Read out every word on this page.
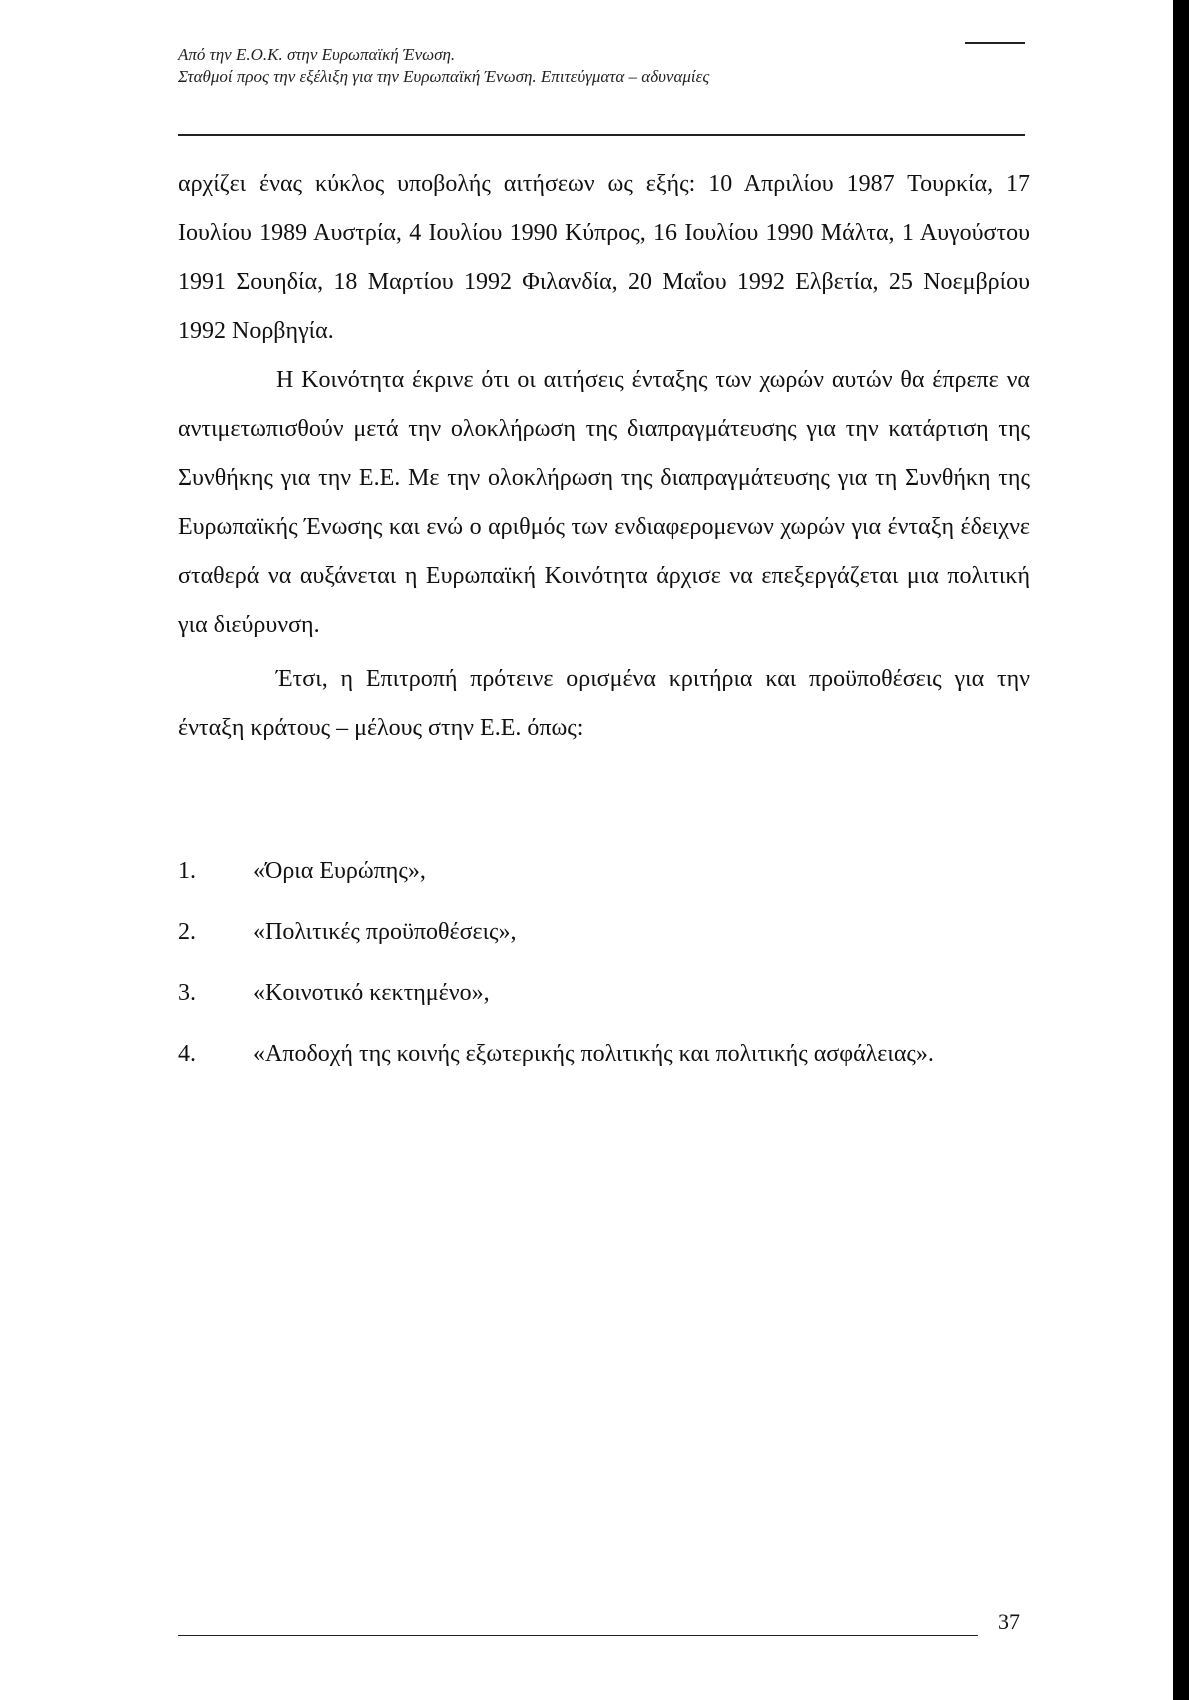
Από την Ε.Ο.Κ. στην Ευρωπαϊκή Ένωση.
Σταθμοί προς την εξέλιξη για την Ευρωπαϊκή Ένωση. Επιτεύγματα – αδυναμίες

αρχίζει ένας κύκλος υποβολής αιτήσεων ως εξής: 10 Απριλίου 1987 Τουρκία, 17 Ιουλίου 1989 Αυστρία, 4 Ιουλίου 1990 Κύπρος, 16 Ιουλίου 1990 Μάλτα, 1 Αυγούστου 1991 Σουηδία, 18 Μαρτίου 1992 Φιλανδία, 20 Μαΐου 1992 Ελβετία, 25 Νοεμβρίου 1992 Νορβηγία.

Η Κοινότητα έκρινε ότι οι αιτήσεις ένταξης των χωρών αυτών θα έπρεπε να αντιμετωπισθούν μετά την ολοκλήρωση της διαπραγμάτευσης για την κατάρτιση της Συνθήκης για την Ε.Ε. Με την ολοκλήρωση της διαπραγμάτευσης για τη Συνθήκη της Ευρωπαϊκής Ένωσης και ενώ ο αριθμός των ενδιαφερομενων χωρών για ένταξη έδειχνε σταθερά να αυξάνεται η Ευρωπαϊκή Κοινότητα άρχισε να επεξεργάζεται μια πολιτική για διεύρυνση.

Έτσι, η Επιτροπή πρότεινε ορισμένα κριτήρια και προϋποθέσεις για την ένταξη κράτους – μέλους στην Ε.Ε. όπως:

1. «Όρια Ευρώπης»,
2. «Πολιτικές προϋποθέσεις»,
3. «Κοινοτικό κεκτημένο»,
4. «Αποδοχή της κοινής εξωτερικής πολιτικής και πολιτικής ασφάλειας».
37
